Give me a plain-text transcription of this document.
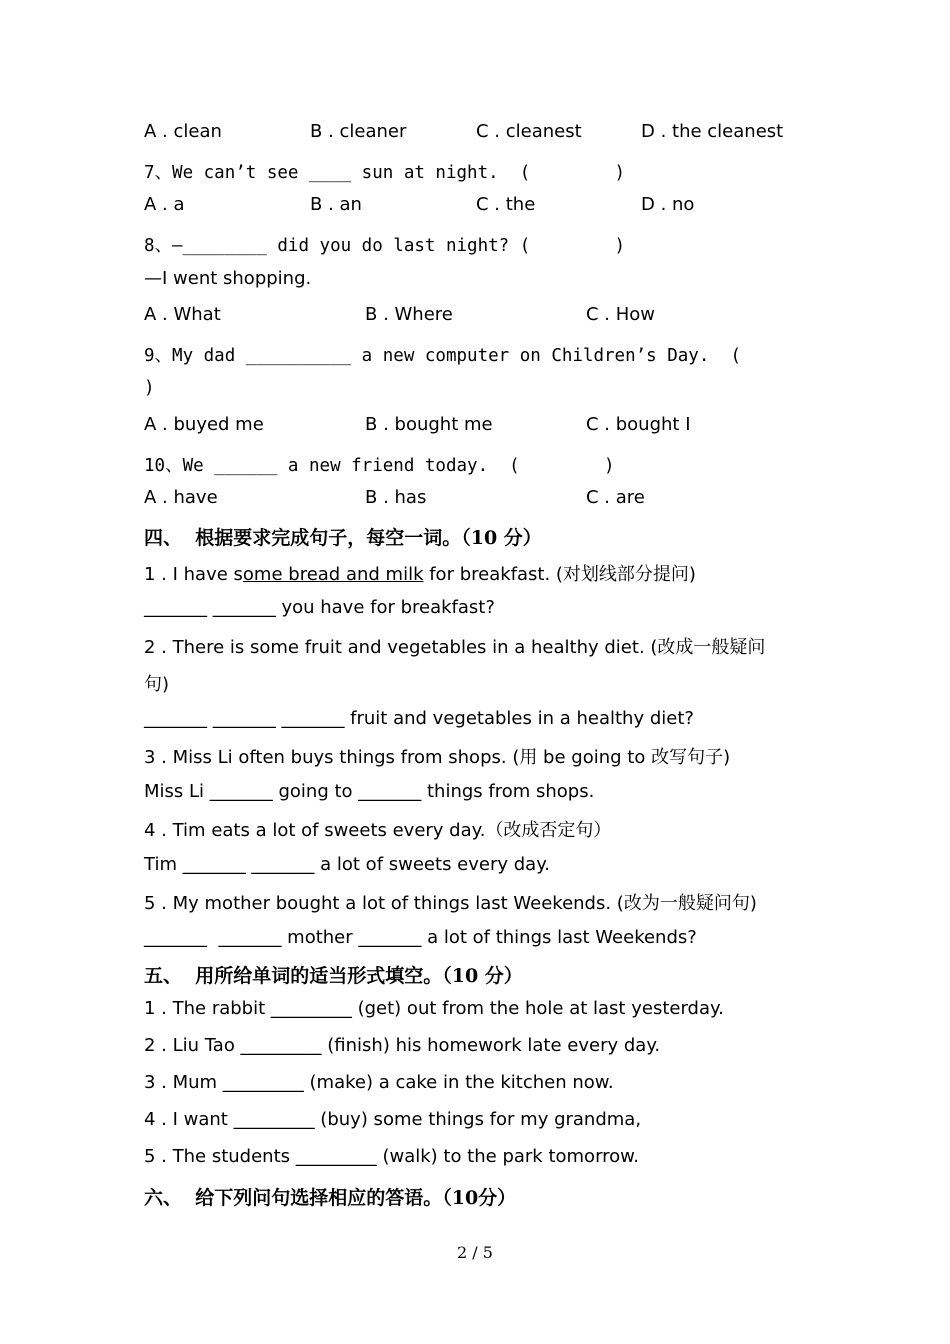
A . clean	B . cleaner	C . cleanest	D . the cleanest
7、We can’t see ____ sun at night.  (        )
A . a	B . an	C . the	D . no
8、—________ did you do last night? (        )
—I went shopping.
A . What	B . Where	C . How
9、My dad __________ a new computer on Children’s Day.  (
)
A . buyed me	B . bought me	C . bought I
10、We ______ a new friend today.  (        )
A . have	B . has	C . are
四、  根据要求完成句子，每空一词。（10 分）
1 . I have some bread and milk for breakfast. (对划线部分提问)
_______ _______ you have for breakfast?
2 . There is some fruit and vegetables in a healthy diet. (改成一般疑问
句)
_______ _______ _______ fruit and vegetables in a healthy diet?
3 . Miss Li often buys things from shops. (用 be going to 改写句子)
Miss Li _______ going to _______ things from shops.
4 . Tim eats a lot of sweets every day.（改成否定句）
Tim _______ _______ a lot of sweets every day.
5 . My mother bought a lot of things last Weekends. (改为一般疑问句)
_______  _______ mother _______ a lot of things last Weekends?
五、  用所给单词的适当形式填空。（10 分）
1 . The rabbit _________ (get) out from the hole at last yesterday.
2 . Liu Tao _________ (finish) his homework late every day.
3 . Mum _________ (make) a cake in the kitchen now.
4 . I want _________ (buy) some things for my grandma,
5 . The students _________ (walk) to the park tomorrow.
六、  给下列问句选择相应的答语。（10分）
2 / 5
